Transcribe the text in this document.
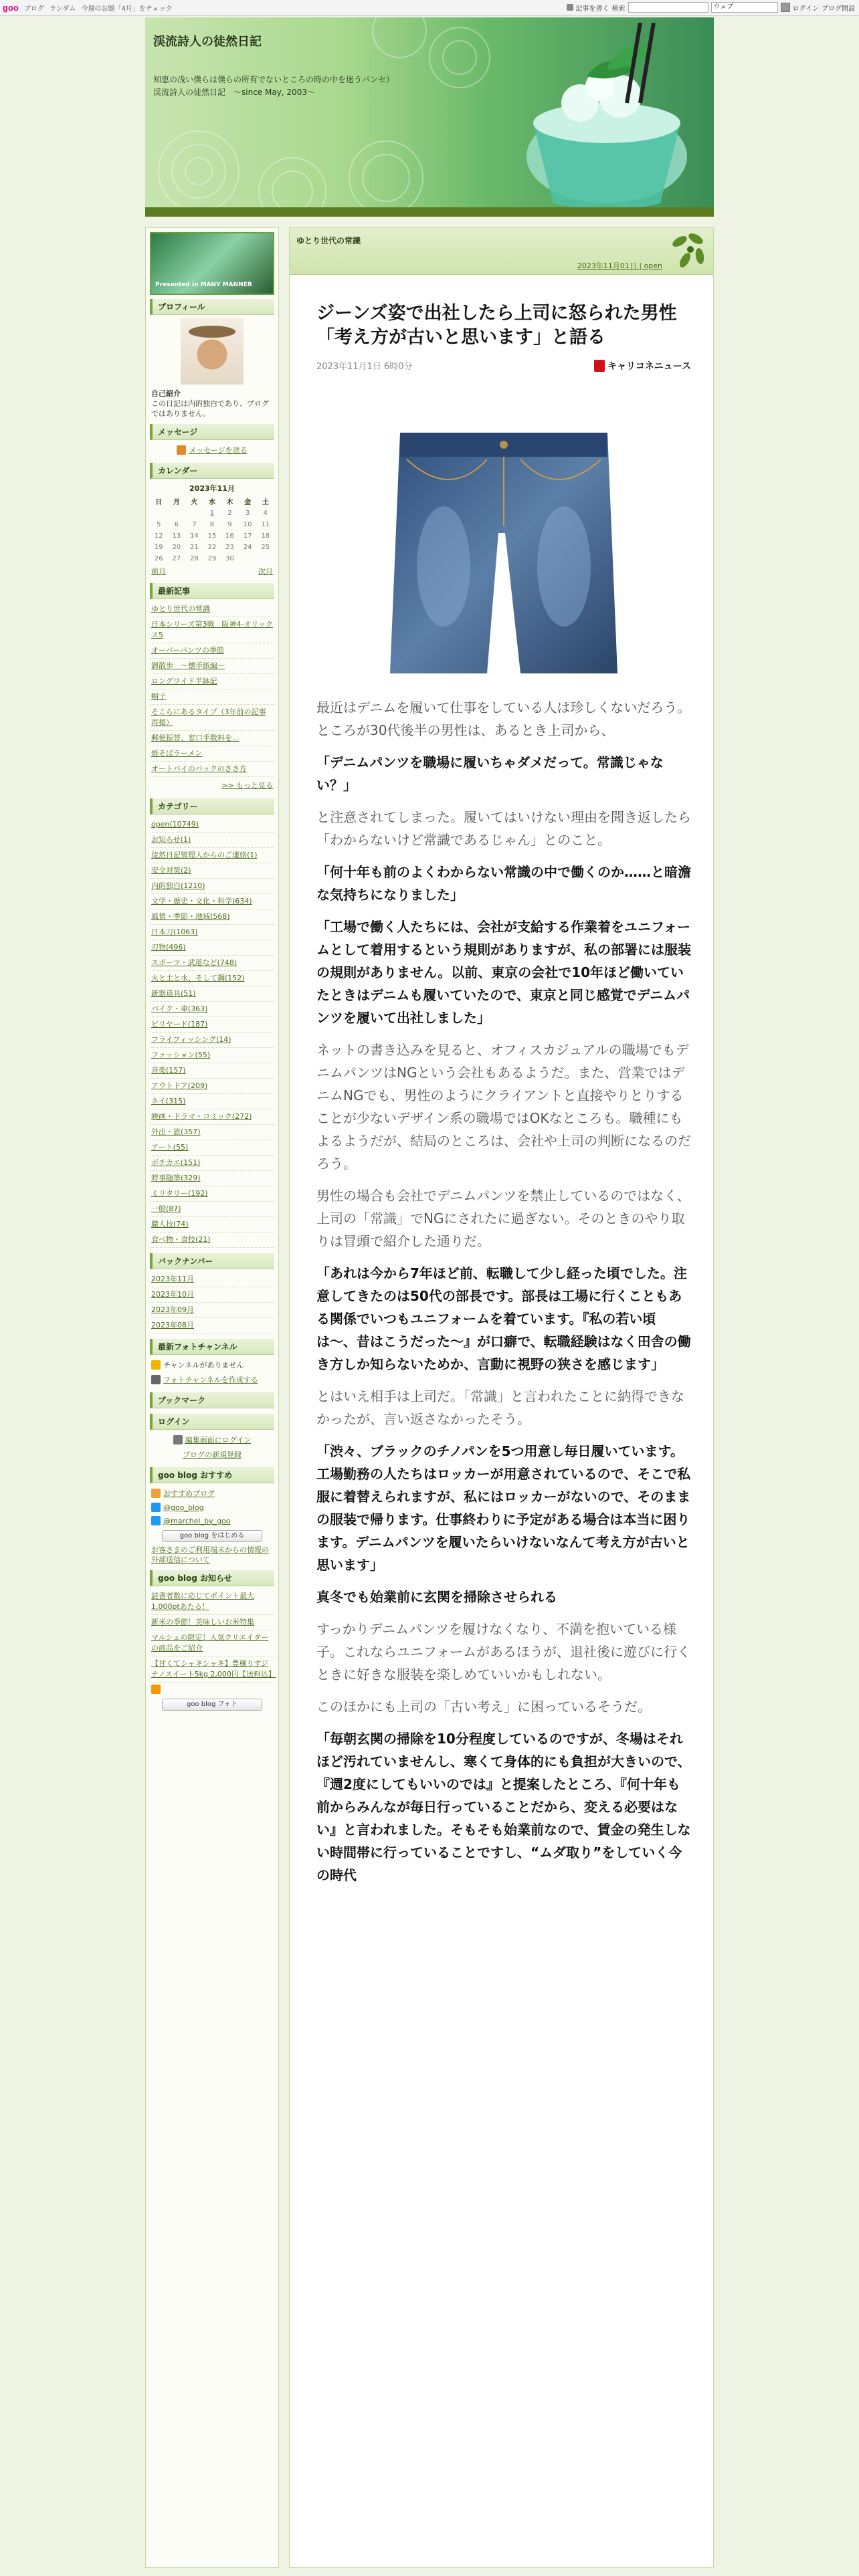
goo ブログ ランダム 今週のお題「4月」をチェック	記事を書く 検索	ウェブ	ログイン ブログ開設
渓流詩人の徒然日記
知恵の浅い僕らは僕らの所有でないところの時の中を迷うパンセ）渓流詩人の徒然日記　〜since May, 2003〜
Presented in MANY MANNER
プロフィール
自己紹介
この日記は内的独白であり、ブログではありません。
メッセージ
メッセージを送る
カレンダー
2023年11月
日	月	火	水	木	金	土
			1	2	3	4
5	6	7	8	9	10	11
12	13	14	15	16	17	18
19	20	21	22	23	24	25
26	27	28	29	30		
前月	次月
最新記事
ゆとり世代の常識
日本シリーズ第3戦　阪神4-オリックス5
オーバーパンツの季節
御散歩　〜懐手紙編〜
ロングワイド半鉢記
帽子
そこらにあるタイプ（3年前の記事再掲）
郵便振替、窓口手数料を...
焼そばラーメン
オートバイのバックのささ方
>> もっと見る
カテゴリー
open(10749)
お知らせ(1)
徒然日記管理人からのご連絡(1)
安全対策(2)
内的独白(1210)
文学・歴史・文化・科学(634)
風情・季節・地域(568)
日本刀(1063)
刃物(496)
スポーツ・武道など(748)
火と土と水、そして鋼(152)
銃器道具(51)
バイク・車(363)
ビリヤード(187)
フライフィッシング(14)
ファッション(55)
音楽(157)
アウトドア(209)
ネイ(315)
映画・ドラマ・コミック(272)
外出・旅(357)
アート(55)
ボチカエ(151)
時事随筆(329)
ミリタリー(192)
一般(87)
職人技(74)
食べ物・食技(21)
バックナンバー
2023年11月
2023年10月
2023年09月
2023年08月
最新フォトチャンネル
チャンネルがありません
フォトチャンネルを作成する
ブックマーク
ログイン
編集画面にログイン
ブログの新規登録
goo blog おすすめ
おすすめブログ
@goo_blog
@marchel_by_goo
goo blog をはじめる
お客さまのご利用端末からの情報の外部送信について
goo blog お知らせ
読書者数に応じてポイント最大1,000ptあたる！
新米の季節！美味しいお米特集
マルシェの限定！人気クリエイターの商品をご紹介
【甘くてシャキシャキ】豊穣りすジナノスイート5kg 2,000円【送料込】
goo blog フォト
ゆとり世代の常識
2023年11月01日 | open
ジーンズ姿で出社したら上司に怒られた男性　「考え方が古いと思います」と語る
2023年11月1日 6時0分	キャリコネニュース
最近はデニムを履いて仕事をしている人は珍しくないだろう。ところが30代後半の男性は、あるとき上司から、
「デニムパンツを職場に履いちゃダメだって。常識じゃない？」
と注意されてしまった。履いてはいけない理由を聞き返したら「わからないけど常識であるじゃん」とのこと。
「何十年も前のよくわからない常識の中で働くのか……と暗澹な気持ちになりました」
「工場で働く人たちには、会社が支給する作業着をユニフォームとして着用するという規則がありますが、私の部署には服装の規則がありません。以前、東京の会社で10年ほど働いていたときはデニムも履いていたので、東京と同じ感覚でデニムパンツを履いて出社しました」
ネットの書き込みを見ると、オフィスカジュアルの職場でもデニムパンツはNGという会社もあるようだ。また、営業ではデニムNGでも、男性のようにクライアントと直接やりとりすることが少ないデザイン系の職場ではOKなところも。職種にもよるようだが、結局のところは、会社や上司の判断になるのだろう。
男性の場合も会社でデニムパンツを禁止しているのではなく、上司の「常識」でNGにされたに過ぎない。そのときのやり取りは冒頭で紹介した通りだ。
「あれは今から7年ほど前、転職して少し経った頃でした。注意してきたのは50代の部長です。部長は工場に行くこともある関係でいつもユニフォームを着ています。『私の若い頃は〜、昔はこうだった〜』が口癖で、転職経験はなく田舎の働き方しか知らないためか、言動に視野の狭さを感じます」
とはいえ相手は上司だ。「常識」と言われたことに納得できなかったが、言い返さなかったそう。
「渋々、ブラックのチノパンを5つ用意し毎日履いています。工場勤務の人たちはロッカーが用意されているので、そこで私服に着替えられますが、私にはロッカーがないので、そのままの服装で帰ります。仕事終わりに予定がある場合は本当に困ります。デニムパンツを履いたらいけないなんて考え方が古いと思います」
真冬でも始業前に玄関を掃除させられる
すっかりデニムパンツを履けなくなり、不満を抱いている様子。これならユニフォームがあるほうが、退社後に遊びに行くときに好きな服装を楽しめていいかもしれない。
このほかにも上司の「古い考え」に困っているそうだ。
「毎朝玄関の掃除を10分程度しているのですが、冬場はそれほど汚れていませんし、寒くて身体的にも負担が大きいので、『週2度にしてもいいのでは』と提案したところ、『何十年も前からみんなが毎日行っていることだから、変える必要はない』と言われました。そもそも始業前なので、賃金の発生しない時間帯に行っていることですし、“ムダ取り”をしていく今の時代
